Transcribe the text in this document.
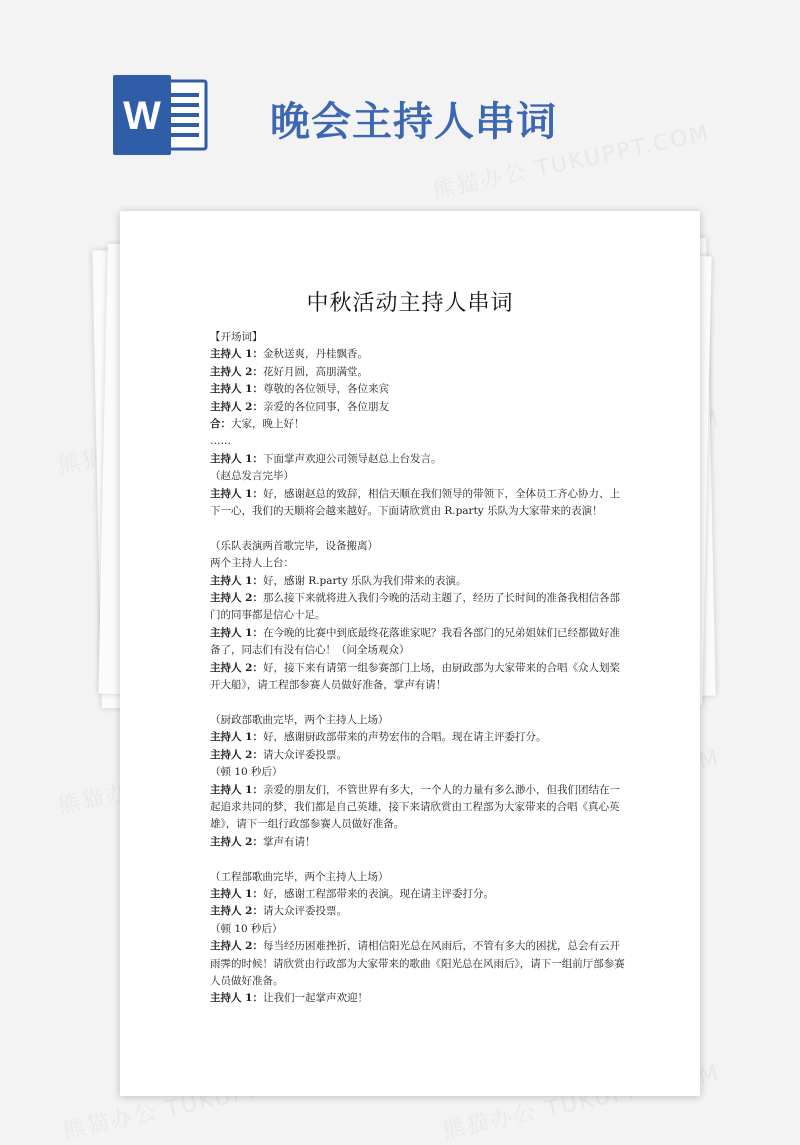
W	晚会主持人串词
中秋活动主持人串词
【开场词】
主持人 1：金秋送爽，丹桂飘香。
主持人 2：花好月圆，高朋满堂。
主持人 1：尊敬的各位领导，各位来宾
主持人 2：亲爱的各位同事，各位朋友
合：大家，晚上好！
……
主持人 1：下面掌声欢迎公司领导赵总上台发言。
（赵总发言完毕）
主持人 1：好，感谢赵总的致辞，相信天顺在我们领导的带领下，全体员工齐心协力、上下一心，我们的天顺将会越来越好。下面请欣赏由 R.party 乐队为大家带来的表演！
（乐队表演两首歌完毕，设备搬离）
两个主持人上台：
主持人 1：好，感谢 R.party 乐队为我们带来的表演。
主持人 2：那么接下来就将进入我们今晚的活动主题了，经历了长时间的准备我相信各部门的同事都是信心十足。
主持人 1：在今晚的比赛中到底最终花落谁家呢？我看各部门的兄弟姐妹们已经都做好准备了，同志们有没有信心！（问全场观众）
主持人 2：好，接下来有请第一组参赛部门上场，由厨政部为大家带来的合唱《众人划桨开大船》，请工程部参赛人员做好准备，掌声有请！
（厨政部歌曲完毕，两个主持人上场）
主持人 1：好，感谢厨政部带来的声势宏伟的合唱。现在请主评委打分。
主持人 2：请大众评委投票。
（顿 10 秒后）
主持人 1：亲爱的朋友们，不管世界有多大，一个人的力量有多么渺小，但我们团结在一起追求共同的梦，我们都是自己英雄，接下来请欣赏由工程部为大家带来的合唱《真心英雄》，请下一组行政部参赛人员做好准备。
主持人 2：掌声有请！
（工程部歌曲完毕，两个主持人上场）
主持人 1：好，感谢工程部带来的表演。现在请主评委打分。
主持人 2：请大众评委投票。
（顿 10 秒后）
主持人 2：每当经历困难挫折，请相信阳光总在风雨后，不管有多大的困扰，总会有云开雨霁的时候！请欣赏由行政部为大家带来的歌曲《阳光总在风雨后》，请下一组前厅部参赛人员做好准备。
主持人 1：让我们一起掌声欢迎！
